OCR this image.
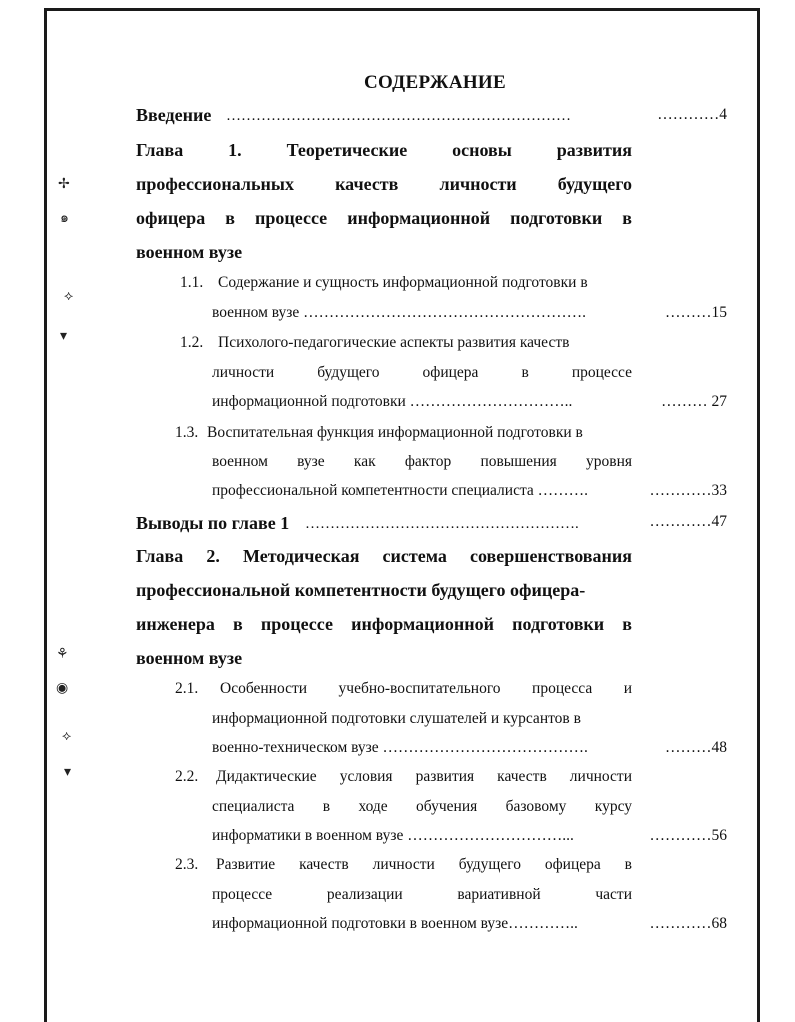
✢
๑
⟡
▾
⚘
◉
⟡
▾
СОДЕРЖАНИЕ
Введение ……………………………………………………………	…………4
Глава 1. Теоретические основы развития
профессиональных качеств личности будущего
офицера в процессе информационной подготовки в
военном вузе
1.1. Содержание и сущность информационной подготовки в
военном вузе ……………………………………………….	………15
1.2. Психолого-педагогические аспекты развития качеств
личности будущего офицера в процессе
информационной подготовки …………………………..	……… 27
1.3. Воспитательная функция информационной подготовки в
военном вузе как фактор повышения уровня
профессиональной компетентности специалиста ……….	…………33
Выводы по главе 1 ……………………………………………….	…………47
Глава 2. Методическая система совершенствования
профессиональной компетентности будущего офицера-
инженера в процессе информационной подготовки в
военном вузе
2.1.	Особенности учебно-воспитательного процесса и
информационной подготовки слушателей и курсантов в
военно-техническом вузе ………………………………….	………48
2.2.	Дидактические условия развития качеств личности
специалиста в ходе обучения базовому курсу
информатики в военном вузе …………………………...	…………56
2.3.	Развитие качеств личности будущего офицера в
процессе реализации вариативной части
информационной подготовки в военном вузе…………..	…………68
